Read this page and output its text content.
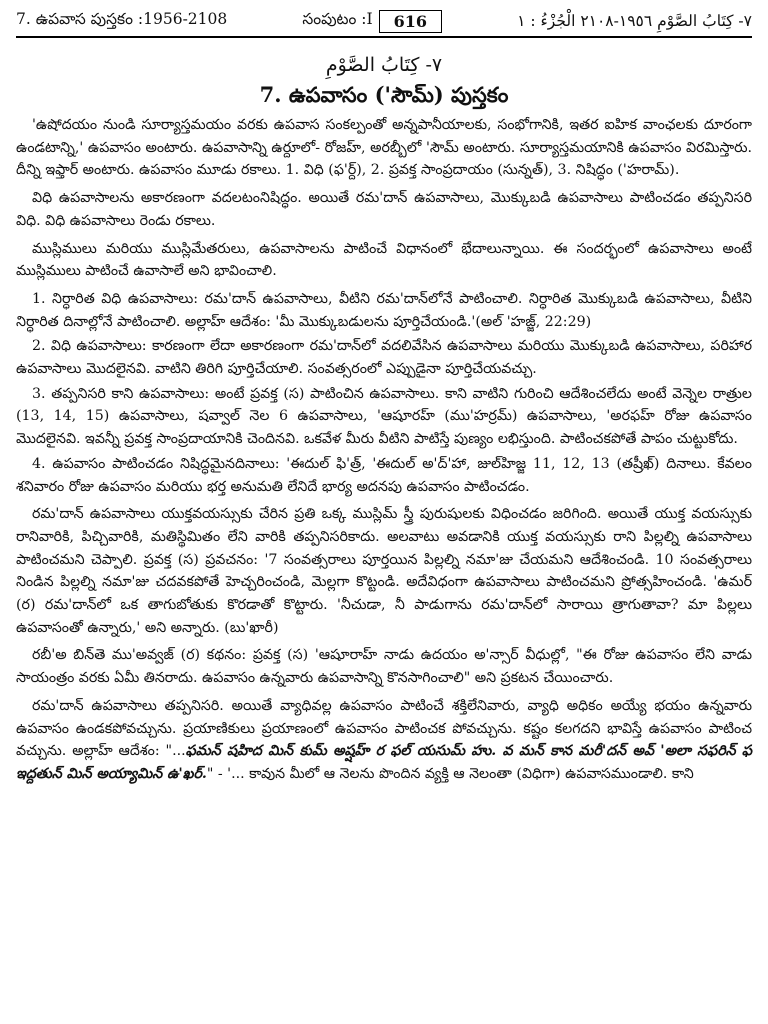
7. ఉపవాస పుస్తకం :1956-2108	సంపుటం :I	616	٧- كِتَابُ الصَّوْمِ ١٩٥٦-٢١٠٨ الْجُزْءُ : ١
٧- كِتَابُ الصَّوْمِ
7. ఉపవాసం ('సౌమ్‌) పుస్తకం

'ఉషోదయం నుండి సూర్యాస్తమయం వరకు ఉపవాస సంకల్పంతో అన్నపానీయాలకు, సంభోగానికి, ఇతర ఐహిక వాంఛలకు దూరంగా ఉండటాన్ని,' ఉపవాసం అంటారు. ఉపవాసాన్ని ఉర్దూలో- రోజహ్‌, అరబ్బీలో 'సౌమ్‌ అంటారు. సూర్యాస్తమయానికి ఉపవాసం విరమిస్తారు. దీన్ని ఇఫ్తార్‌ అంటారు. ఉపవాసం మూడు రకాలు. 1. విధి (ఫ'ర్ద్‌), 2. ప్రవక్త సాంప్రదాయం (సున్నత్‌), 3. నిషిద్ధం ('హరామ్‌).

విధి ఉపవాసాలను అకారణంగా వదలటంనిషిద్ధం. అయితే రమ'దాన్‌ ఉపవాసాలు, మొక్కుబడి ఉపవాసాలు పాటించడం తప్పనిసరి విధి. విధి ఉపవాసాలు రెండు రకాలు.

ముస్లిములు మరియు ముస్లిమేతరులు, ఉపవాసాలను పాటించే విధానంలో భేదాలున్నాయి. ఈ సందర్భంలో ఉపవాసాలు అంటే ముస్లిములు పాటించే ఉవాసాలే అని భావించాలి.

1. నిర్ధారిత విధి ఉపవాసాలు: రమ'దాన్‌ ఉపవాసాలు, వీటిని రమ'దాన్‌లోనే పాటించాలి. నిర్ధారిత మొక్కుబడి ఉపవాసాలు, వీటిని నిర్ధారిత దినాల్లోనే పాటించాలి. అల్లాహ్‌ ఆదేశం: 'మీ మొక్కుబడులను పూర్తిచేయండి.'(అల్‌ 'హజ్జ్‌, 22:29)

2. విధి ఉపవాసాలు: కారణంగా లేదా అకారణంగా రమ'దాన్‌లో వదలివేసిన ఉపవాసాలు మరియు మొక్కుబడి ఉపవాసాలు, పరిహార ఉపవాసాలు మొదలైనవి. వాటిని తిరిగి పూర్తిచేయాలి. సంవత్సరంలో ఎప్పుడైనా పూర్తిచేయవచ్చు.

3. తప్పనిసరి కాని ఉపవాసాలు: అంటే ప్రవక్త (స) పాటించిన ఉపవాసాలు. కాని వాటిని గురించి ఆదేశించలేదు అంటే వెన్నెల రాత్రుల (13, 14, 15) ఉపవాసాలు, షవ్వాల్‌ నెల 6 ఉపవాసాలు, 'ఆషూరహ్‌ (ము'హర్రమ్‌) ఉపవాసాలు, 'అరఫహ్‌ రోజు ఉపవాసం మొదలైనవి. ఇవన్నీ ప్రవక్త సాంప్రదాయానికి చెందినవి. ఒకవేళ మీరు వీటిని పాటిస్తే పుణ్యం లభిస్తుంది. పాటించకపోతే పాపం చుట్టుకోదు.

4. ఉపవాసం పాటించడం నిషిద్ధమైనదినాలు: 'ఈదుల్‌ ఫి'త్ర్‌, 'ఈదుల్‌ అ'ద్‌'హా, జుల్‌హిజ్జ 11, 12, 13 (తష్రీఖ్‌) దినాలు. కేవలం శనివారం రోజు ఉపవాసం మరియు భర్త అనుమతి లేనిదే భార్య అదనపు ఉపవాసం పాటించడం.

రమ'దాన్‌ ఉపవాసాలు యుక్తవయస్సుకు చేరిన ప్రతి ఒక్క ముస్లిమ్‌ స్త్రీ పురుషులకు విధించడం జరిగింది. అయితే యుక్త వయస్సుకు రానివారికి, పిచ్చివారికి, మతిస్థిమితం లేని వారికి తప్పనిసరికాదు. అలవాటు అవడానికి యుక్త వయస్సుకు రాని పిల్లల్ని ఉపవాసాలు పాటించమని చెప్పాలి. ప్రవక్త (స) ప్రవచనం: '7 సంవత్సరాలు పూర్తయిన పిల్లల్ని నమా'జు చేయమని ఆదేశించండి. 10 సంవత్సరాలు నిండిన పిల్లల్ని నమా'జు చదవకపోతే హెచ్చరించండి, మెల్లగా కొట్టండి. అదేవిధంగా ఉపవాసాలు పాటించమని ప్రోత్సహించండి. 'ఉమర్‌ (ర) రమ'దాన్‌లో ఒక తాగుబోతుకు కొరడాతో కొట్టారు. 'నీచుడా, నీ పాడుగాను రమ'దాన్‌లో సారాయి త్రాగుతావా? మా పిల్లలు ఉపవాసంతో ఉన్నారు,' అని అన్నారు. (బు'ఖారీ)

రబీ'అ బిన్‌తె ము'అవ్వజ్‌ (ర) కథనం: ప్రవక్త (స) 'ఆషూరాహ్‌ నాడు ఉదయం అ'న్సార్‌ వీధుల్లో, "ఈ రోజు ఉపవాసం లేని వాడు సాయంత్రం వరకు ఏమీ తినరాదు. ఉపవాసం ఉన్నవారు ఉపవాసాన్ని కొనసాగించాలి" అని ప్రకటన చేయించారు.

రమ'దాన్‌ ఉపవాసాలు తప్పనిసరి. అయితే వ్యాధివల్ల ఉపవాసం పాటించే శక్తిలేనివారు, వ్యాధి అధికం అయ్యే భయం ఉన్నవారు ఉపవాసం ఉండకపోవచ్చును. ప్రయాణికులు ప్రయాణంలో ఉపవాసం పాటించక పోవచ్చును. కష్టం కలగదని భావిస్తే ఉపవాసం పాటించ వచ్చును. అల్లాహ్‌ ఆదేశం: "...ఫమన్ షహిద మిన్‌ కుమ్‌ అష్షహ్‌ ర ఫల్‌ యసుమ్‌ హు. వ మన్‌ కాన మరీ'దన్‌ అవ్‌ 'అలా సఫరిన్‌ ఫ ఇద్దతున్‌ మిన్‌ అయ్యామిన్‌ ఉ'ఖర్‌." - '... కావున మీలో ఆ నెలను పొందిన వ్యక్తి ఆ నెలంతా (విధిగా) ఉపవాసముండాలి. కాని
